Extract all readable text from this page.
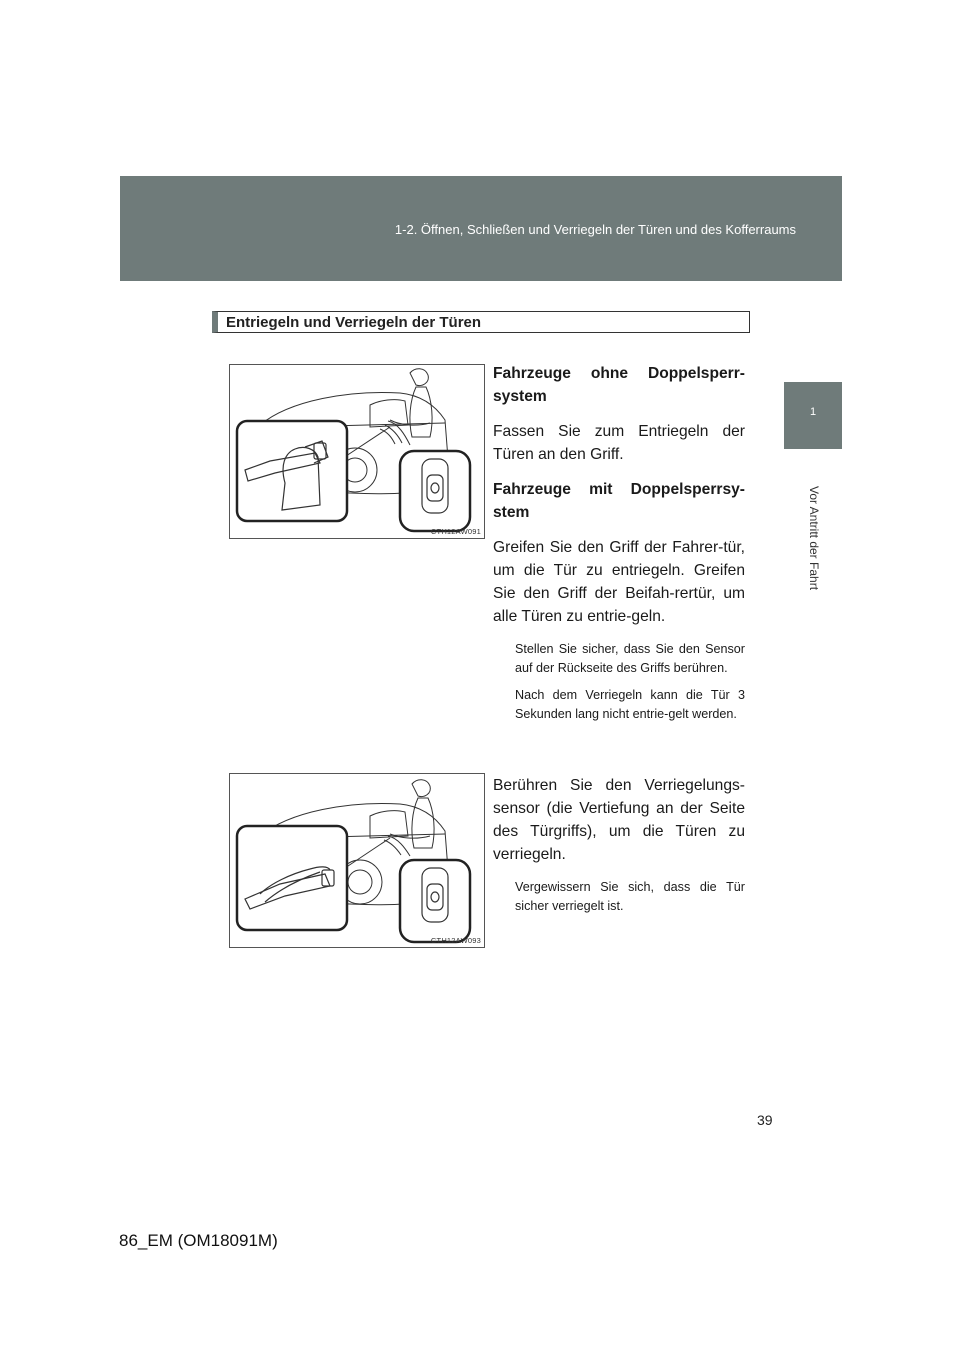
1-2. Öffnen, Schließen und Verriegeln der Türen und des Kofferraums
1
Vor Antritt der Fahrt
Entriegeln und Verriegeln der Türen
CTH12AW091

Fahrzeuge ohne Doppelsperr-system

Fassen Sie zum Entriegeln der Türen an den Griff.

Fahrzeuge mit Doppelsperrsy-stem

Greifen Sie den Griff der Fahrer-tür, um die Tür zu entriegeln. Greifen Sie den Griff der Beifah-rertür, um alle Türen zu entrie-geln.

Stellen Sie sicher, dass Sie den Sensor auf der Rückseite des Griffs berühren.

Nach dem Verriegeln kann die Tür 3 Sekunden lang nicht entrie-gelt werden.

CTH12AW093

Berühren Sie den Verriegelungs-sensor (die Vertiefung an der Seite des Türgriffs), um die Türen zu verriegeln.

Vergewissern Sie sich, dass die Tür sicher verriegelt ist.

39
86_EM (OM18091M)
